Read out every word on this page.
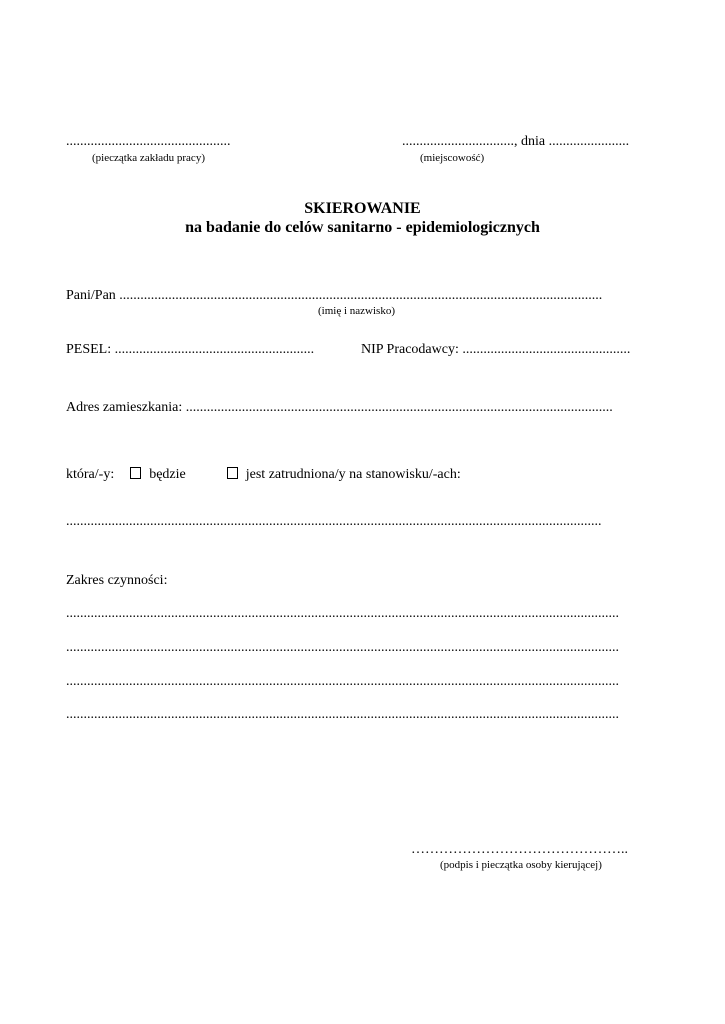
...............................................
(pieczątka zakładu pracy)
................................, dnia .......................
(miejscowość)
SKIEROWANIE
na badanie do celów sanitarno - epidemiologicznych
Pani/Pan ..........................................................................................................................................
(imię i nazwisko)
PESEL: .........................................................	NIP Pracodawcy: ................................................
Adres zamieszkania: ..........................................................................................................................
która/-y:	będzie	jest zatrudniona/y na stanowisku/-ach:
.........................................................................................................................................................
Zakres czynności:
..............................................................................................................................................................
..............................................................................................................................................................
..............................................................................................................................................................
..............................................................................................................................................................
………………………………………..
(podpis i pieczątka osoby kierującej)
